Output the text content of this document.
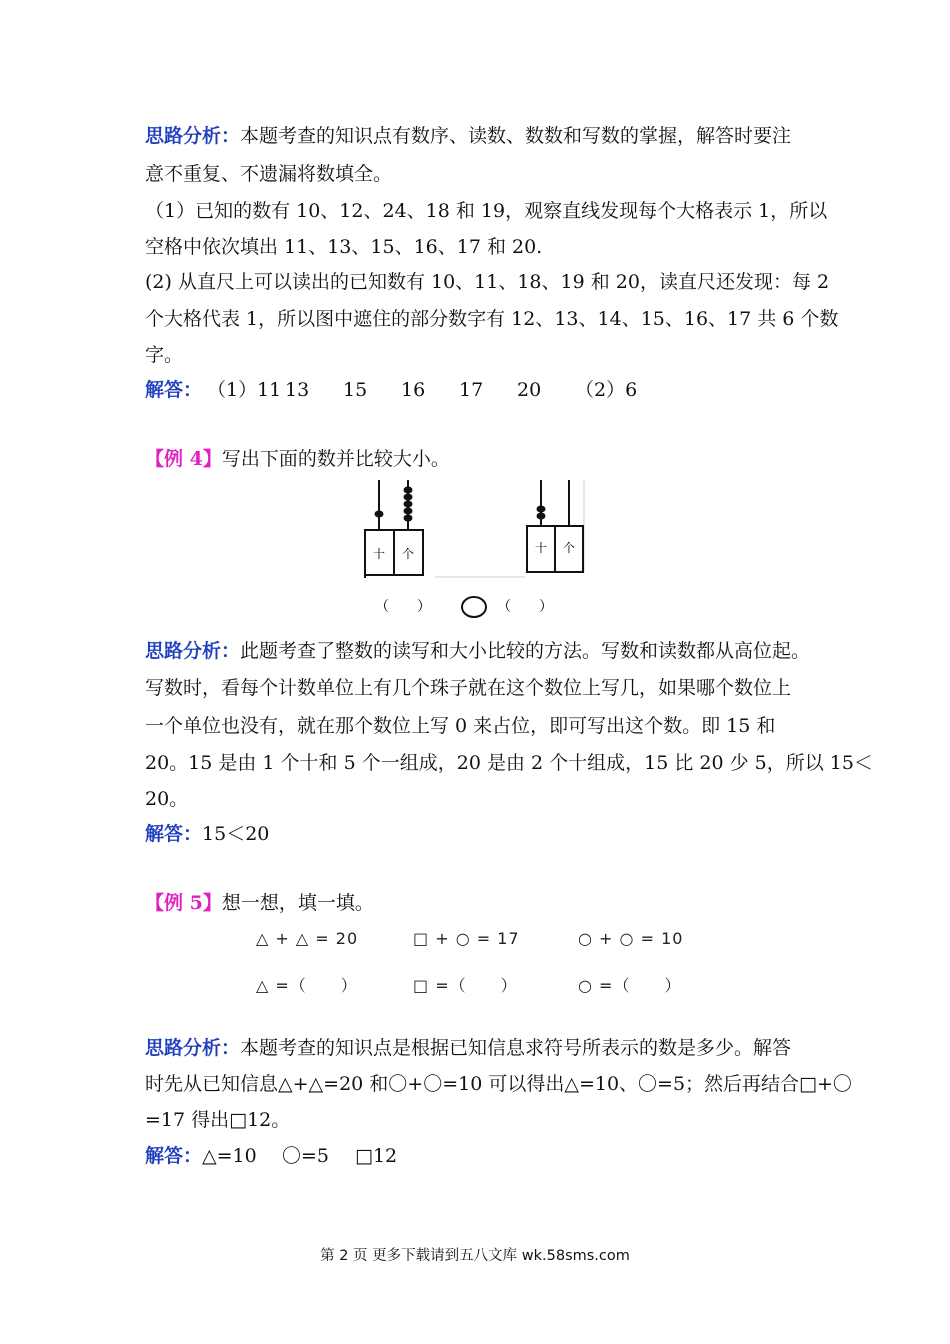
思路分析：本题考查的知识点有数序、读数、数数和写数的掌握，解答时要注
意不重复、不遗漏将数填全。
（1）已知的数有 10、12、24、18 和 19，观察直线发现每个大格表示 1，所以
空格中依次填出 11、13、15、16、17 和 20.
(2) 从直尺上可以读出的已知数有 10、11、18、19 和 20，读直尺还发现：每 2
个大格代表 1，所以图中遮住的部分数字有 12、13、14、15、16、17 共 6 个数
字。
解答： （1）11 13 15 16 17 20 （2）6
【例 4】写出下面的数并比较大小。
十 个	十 个
（　　）	（　　）
思路分析：此题考查了整数的读写和大小比较的方法。写数和读数都从高位起。
写数时，看每个计数单位上有几个珠子就在这个数位上写几，如果哪个数位上
一个单位也没有，就在那个数位上写 0 来占位，即可写出这个数。即 15 和
20。15 是由 1 个十和 5 个一组成，20 是由 2 个十组成，15 比 20 少 5，所以 15＜
20。
解答：15＜20
【例 5】想一想，填一填。
△ + △ = 20	□ + ○ = 17	○ + ○ = 10
△ =（　　）	□ =（　　）	○ =（　　）
思路分析：本题考查的知识点是根据已知信息求符号所表示的数是多少。解答
时先从已知信息△+△=20 和〇+〇=10 可以得出△=10、〇=5；然后再结合□+〇
=17 得出□12。
解答：△=10 〇=5 □12
第 2 页 更多下载请到五八文库 wk.58sms.com
